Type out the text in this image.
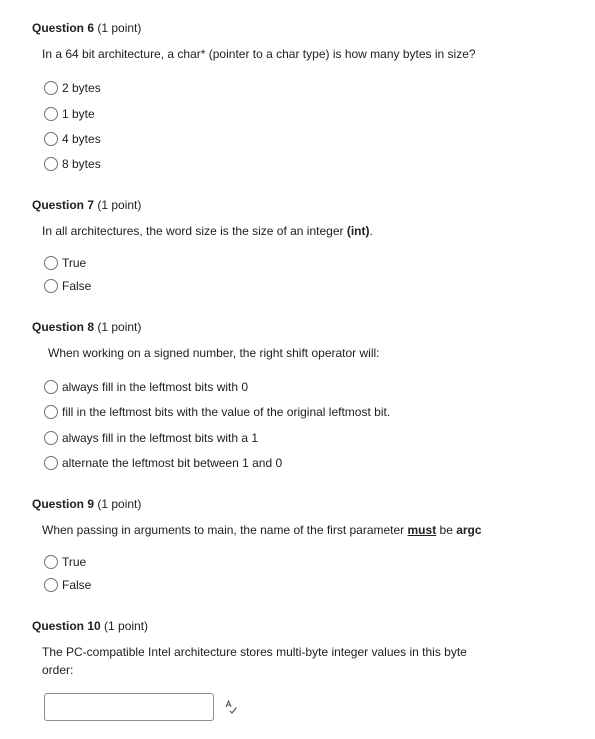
Question 6 (1 point)
In a 64 bit architecture, a char* (pointer to a char type) is how many bytes in size?
2 bytes
1 byte
4 bytes
8 bytes
Question 7 (1 point)
In all architectures, the word size is the size of an integer (int).
True
False
Question 8 (1 point)
When working on a signed number, the right shift operator will:
always fill in the leftmost bits with 0
fill in the leftmost bits with the value of the original leftmost bit.
always fill in the leftmost bits with a 1
alternate the leftmost bit between 1 and 0
Question 9 (1 point)
When passing in arguments to main, the name of the first parameter must be argc
True
False
Question 10 (1 point)
The PC-compatible Intel architecture stores multi-byte integer values in this byte
order:
